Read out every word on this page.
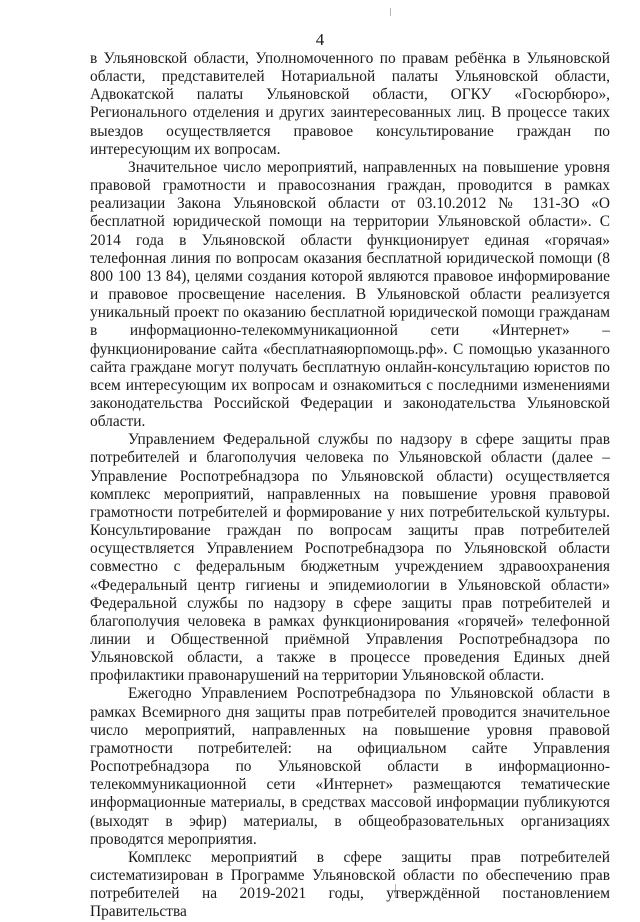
4

в Ульяновской области, Уполномоченного по правам ребёнка в Ульяновской области, представителей Нотариальной палаты Ульяновской области, Адвокатской палаты Ульяновской области, ОГКУ «Госюрбюро», Регионального отделения и других заинтересованных лиц. В процессе таких выездов осуществляется правовое консультирование граждан по интересующим их вопросам.

Значительное число мероприятий, направленных на повышение уровня правовой грамотности и правосознания граждан, проводится в рамках реализации Закона Ульяновской области от 03.10.2012 № 131-ЗО «О бесплатной юридической помощи на территории Ульяновской области». С 2014 года в Ульяновской области функционирует единая «горячая» телефонная линия по вопросам оказания бесплатной юридической помощи (8 800 100 13 84), целями создания которой являются правовое информирование и правовое просвещение населения. В Ульяновской области реализуется уникальный проект по оказанию бесплатной юридической помощи гражданам в информационно-телекоммуникационной сети «Интернет» – функционирование сайта «бесплатнаяюрпомощь.рф». С помощью указанного сайта граждане могут получать бесплатную онлайн-консультацию юристов по всем интересующим их вопросам и ознакомиться с последними изменениями законодательства Российской Федерации и законодательства Ульяновской области.

Управлением Федеральной службы по надзору в сфере защиты прав потребителей и благополучия человека по Ульяновской области (далее – Управление Роспотребнадзора по Ульяновской области) осуществляется комплекс мероприятий, направленных на повышение уровня правовой грамотности потребителей и формирование у них потребительской культуры. Консультирование граждан по вопросам защиты прав потребителей осуществляется Управлением Роспотребнадзора по Ульяновской области совместно с федеральным бюджетным учреждением здравоохранения «Федеральный центр гигиены и эпидемиологии в Ульяновской области» Федеральной службы по надзору в сфере защиты прав потребителей и благополучия человека в рамках функционирования «горячей» телефонной линии и Общественной приёмной Управления Роспотребнадзора по Ульяновской области, а также в процессе проведения Единых дней профилактики правонарушений на территории Ульяновской области.

Ежегодно Управлением Роспотребнадзора по Ульяновской области в рамках Всемирного дня защиты прав потребителей проводится значительное число мероприятий, направленных на повышение уровня правовой грамотности потребителей: на официальном сайте Управления Роспотребнадзора по Ульяновской области в информационно-телекоммуникационной сети «Интернет» размещаются тематические информационные материалы, в средствах массовой информации публикуются (выходят в эфир) материалы, в общеобразовательных организациях проводятся мероприятия.

Комплекс мероприятий в сфере защиты прав потребителей систематизирован в Программе Ульяновской области по обеспечению прав потребителей на 2019-2021 годы, утверждённой постановлением Правительства
